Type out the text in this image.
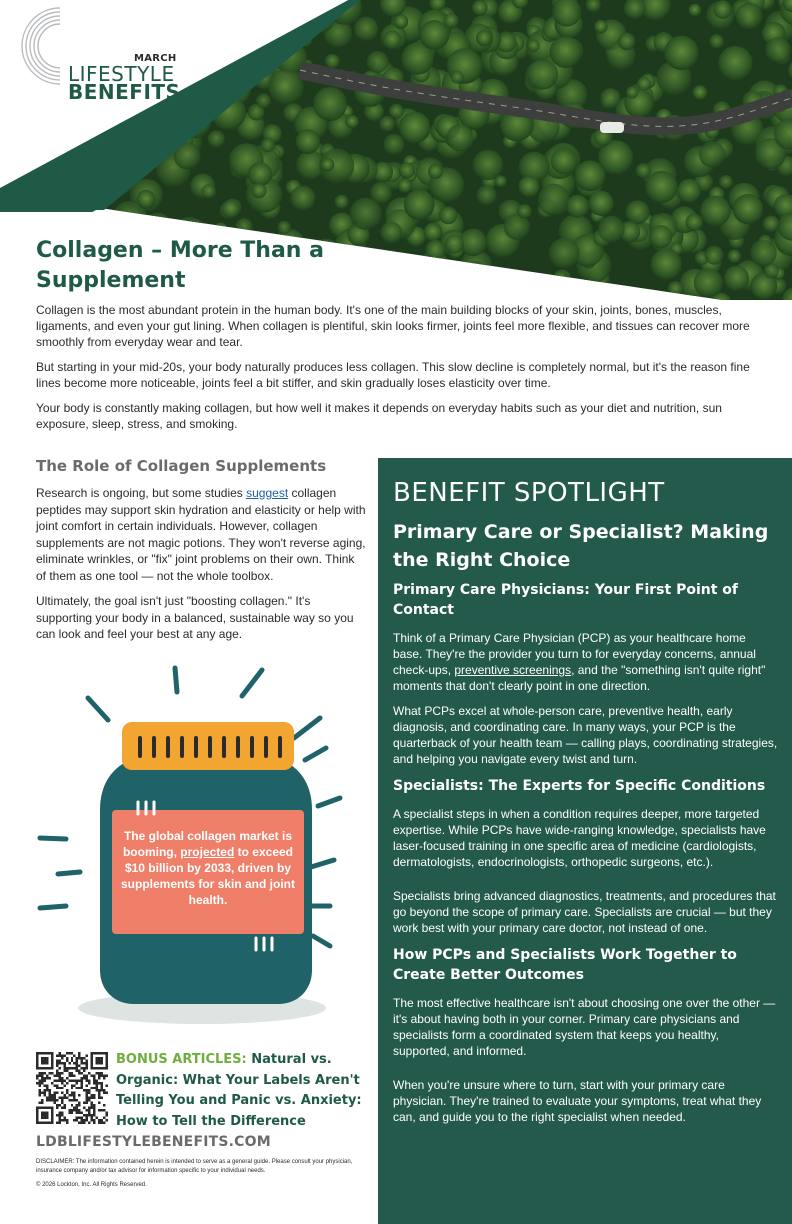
MARCH
LIFESTYLE
BENEFITS
Collagen – More Than a Supplement

Collagen is the most abundant protein in the human body. It's one of the main building blocks of your skin, joints, bones, muscles, ligaments, and even your gut lining. When collagen is plentiful, skin looks firmer, joints feel more flexible, and tissues can recover more smoothly from everyday wear and tear.

But starting in your mid-20s, your body naturally produces less collagen. This slow decline is completely normal, but it's the reason fine lines become more noticeable, joints feel a bit stiffer, and skin gradually loses elasticity over time.

Your body is constantly making collagen, but how well it makes it depends on everyday habits such as your diet and nutrition, sun exposure, sleep, stress, and smoking.

The Role of Collagen Supplements

Research is ongoing, but some studies suggest collagen peptides may support skin hydration and elasticity or help with joint comfort in certain individuals. However, collagen supplements are not magic potions. They won't reverse aging, eliminate wrinkles, or "fix" joint problems on their own. Think of them as one tool — not the whole toolbox.

Ultimately, the goal isn't just "boosting collagen." It's supporting your body in a balanced, sustainable way so you can look and feel your best at any age.

The global collagen market is booming, projected to exceed $10 billion by 2033, driven by supplements for skin and joint health.
BONUS ARTICLES: Natural vs. Organic: What Your Labels Aren't Telling You and Panic vs. Anxiety: How to Tell the Difference
LDBLIFESTYLEBENEFITS.COM
DISCLAIMER: The information contained herein is intended to serve as a general guide. Please consult your physician, insurance company and/or tax advisor for information specific to your individual needs.
© 2026 Lockton, Inc. All Rights Reserved.
BENEFIT SPOTLIGHT
Primary Care or Specialist? Making the Right Choice
Primary Care Physicians: Your First Point of Contact

Think of a Primary Care Physician (PCP) as your healthcare home base. They're the provider you turn to for everyday concerns, annual check-ups, preventive screenings, and the "something isn't quite right" moments that don't clearly point in one direction.

What PCPs excel at whole-person care, preventive health, early diagnosis, and coordinating care. In many ways, your PCP is the quarterback of your health team — calling plays, coordinating strategies, and helping you navigate every twist and turn.

Specialists: The Experts for Specific Conditions

A specialist steps in when a condition requires deeper, more targeted expertise. While PCPs have wide-ranging knowledge, specialists have laser-focused training in one specific area of medicine (cardiologists, dermatologists, endocrinologists, orthopedic surgeons, etc.).

Specialists bring advanced diagnostics, treatments, and procedures that go beyond the scope of primary care. Specialists are crucial — but they work best with your primary care doctor, not instead of one.

How PCPs and Specialists Work Together to Create Better Outcomes

The most effective healthcare isn't about choosing one over the other — it's about having both in your corner. Primary care physicians and specialists form a coordinated system that keeps you healthy, supported, and informed.

When you're unsure where to turn, start with your primary care physician. They're trained to evaluate your symptoms, treat what they can, and guide you to the right specialist when needed.
